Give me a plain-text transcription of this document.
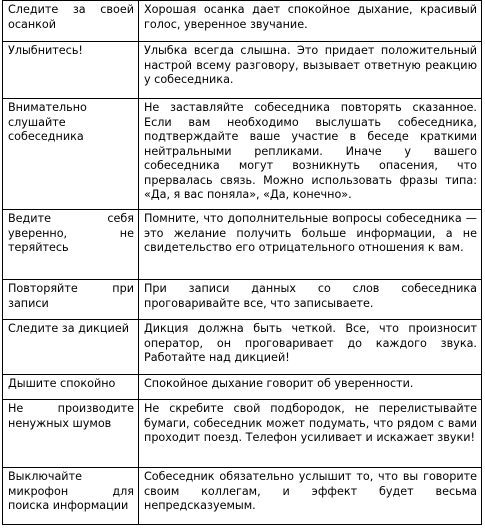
Следите за своей осанкой	Хорошая осанка дает спокойное дыхание, красивый голос, уверенное звучание.
Улыбнитесь!	Улыбка всегда слышна. Это придает положительный настрой всему разговору, вызывает ответную реакцию у собеседника.
Внимательно слушайте собеседника	Не заставляйте собеседника повторять сказанное. Если вам необходимо выслушать собеседника, подтверждайте ваше участие в беседе краткими нейтральными репликами. Иначе у вашего собеседника могут возникнуть опасения, что прервалась связь. Можно использовать фразы типа: «Да, я вас поняла», «Да, конечно».
Ведите себя уверенно, не теряйтесь	Помните, что дополнительные вопросы собеседника — это желание получить больше информации, а не свидетельство его отрицательного отношения к вам.
Повторяйте при записи	При записи данных со слов собеседника проговаривайте все, что записываете.
Следите за дикцией	Дикция должна быть четкой. Все, что произносит оператор, он проговаривает до каждого звука. Работайте над дикцией!
Дышите спокойно	Спокойное дыхание говорит об уверенности.
Не производите ненужных шумов	Не скребите свой подбородок, не перелистывайте бумаги, собеседник может подумать, что рядом с вами проходит поезд. Телефон усиливает и искажает звуки!
Выключайте микрофон для поиска информации	Собеседник обязательно услышит то, что вы говорите своим коллегам, и эффект будет весьма непредсказуемым.
